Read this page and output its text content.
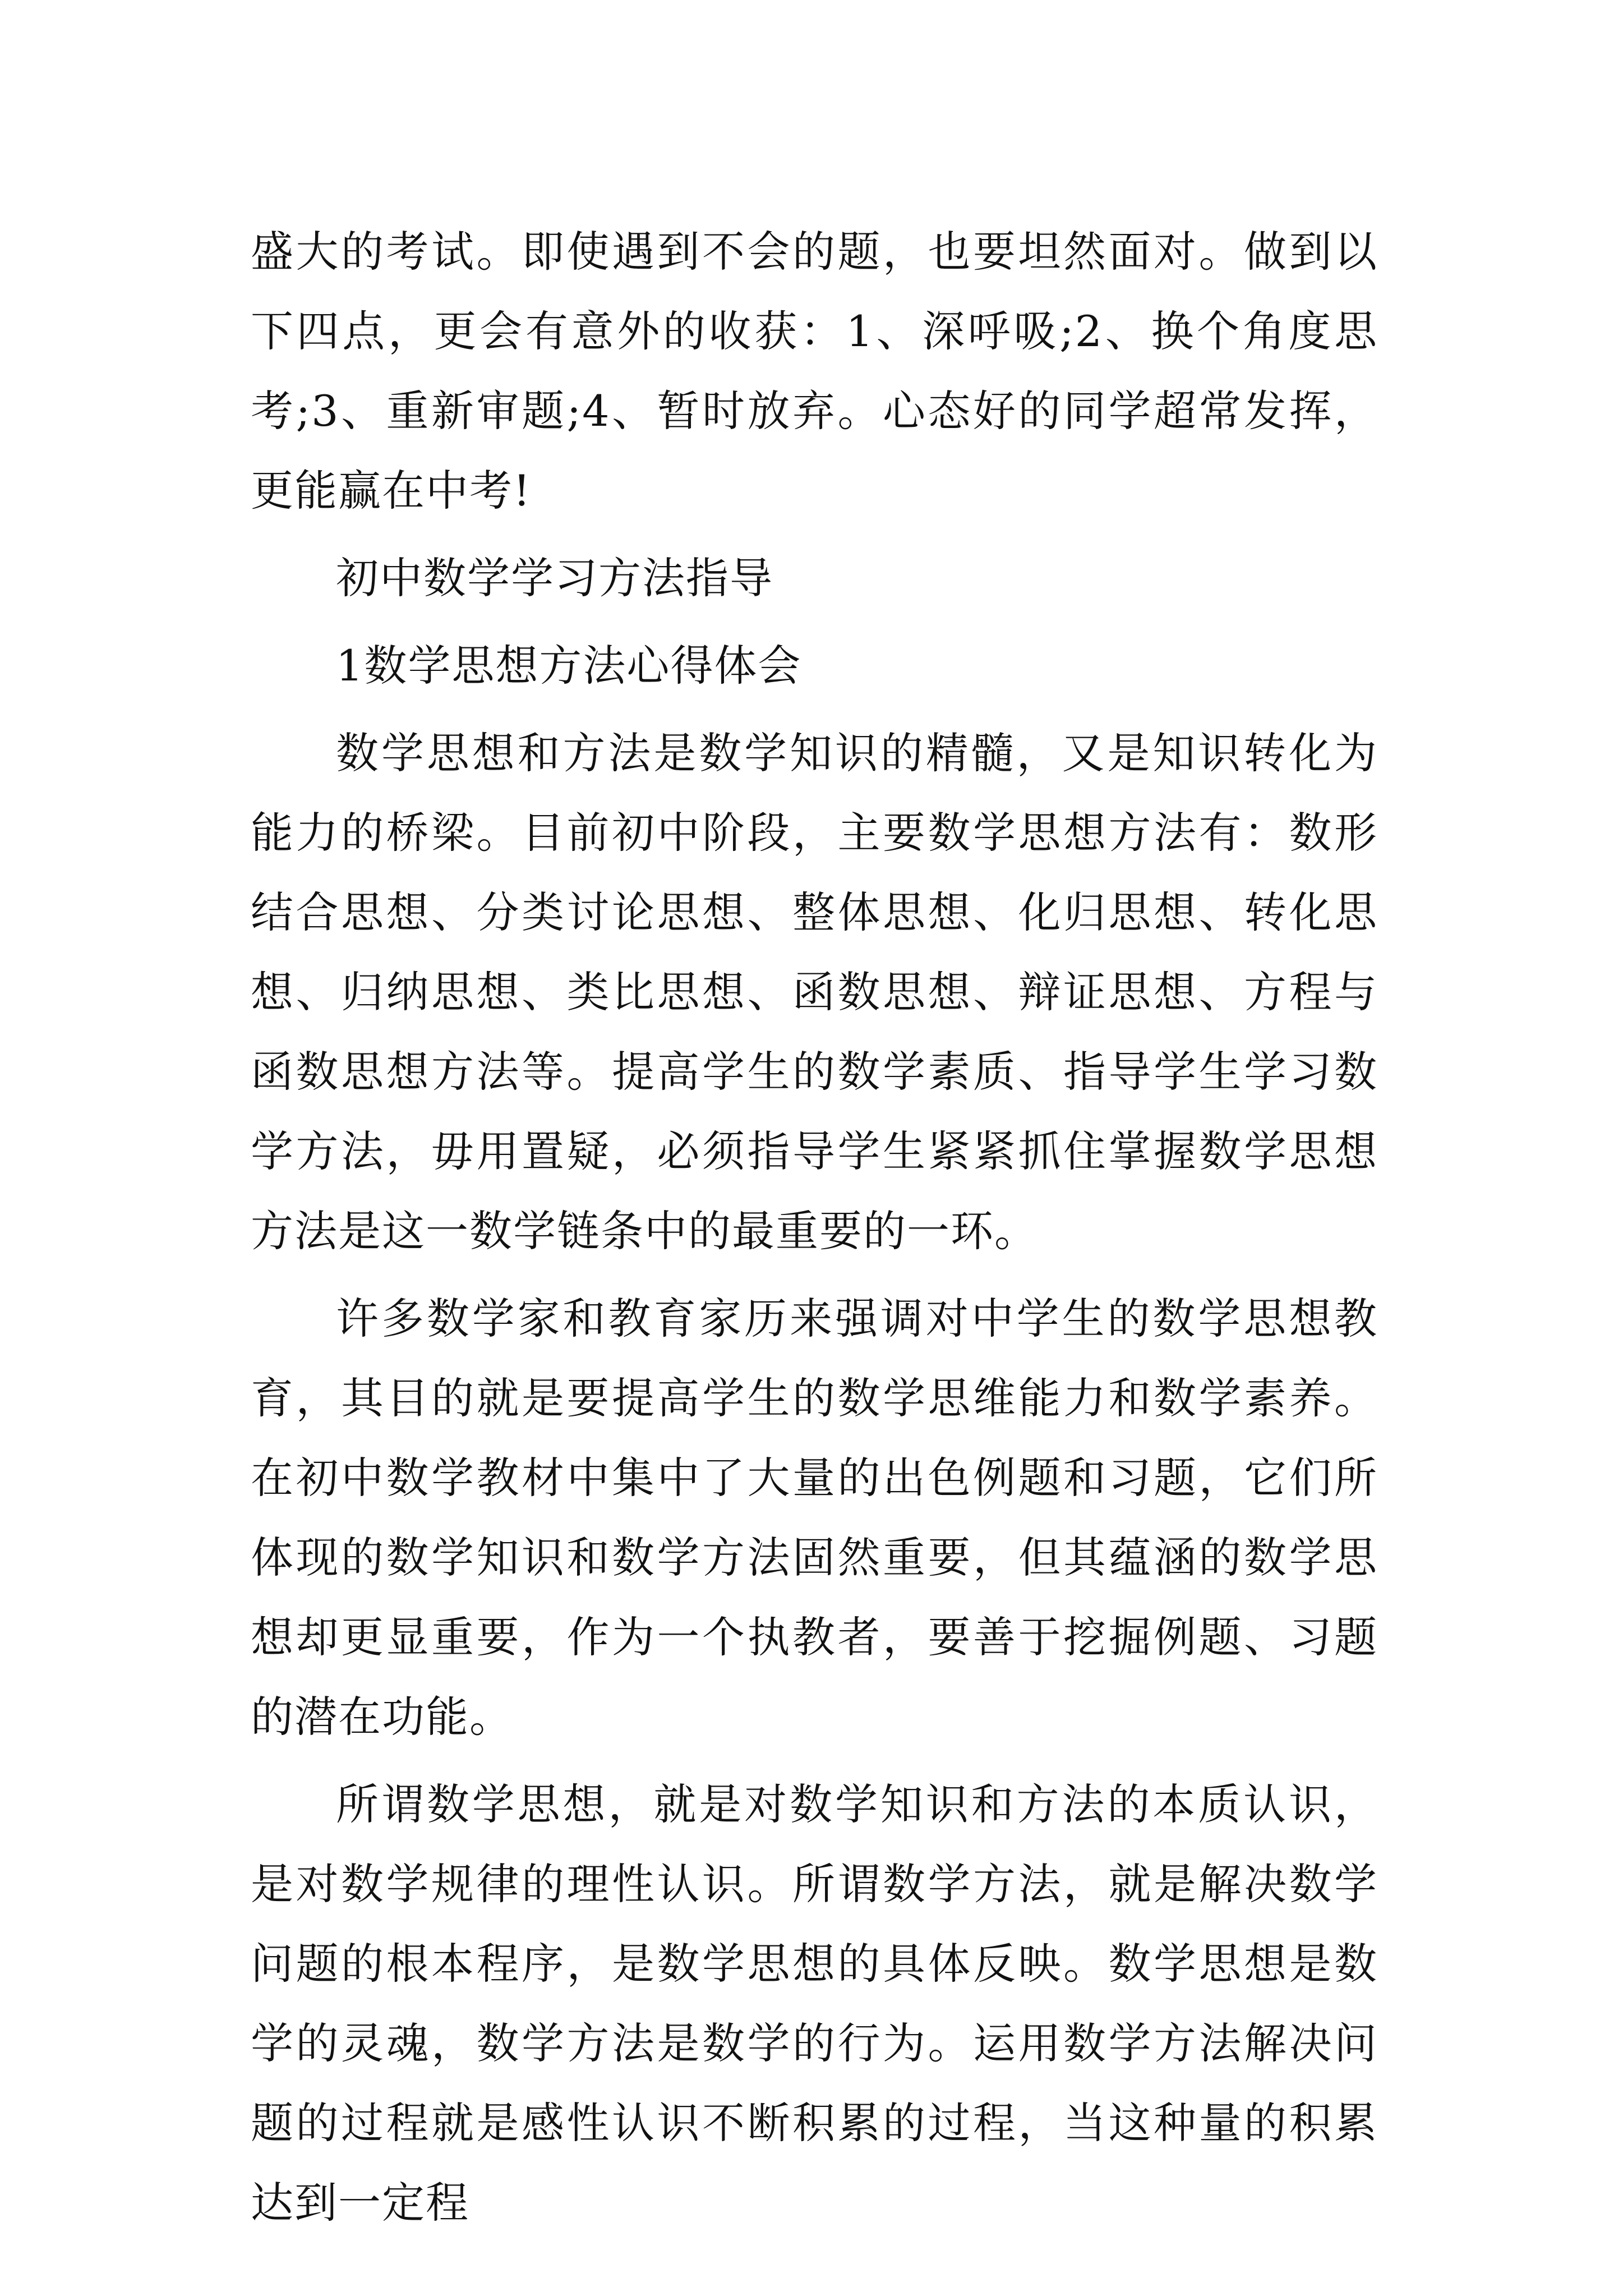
盛大的考试。即使遇到不会的题，也要坦然面对。做到以下四点，更会有意外的收获：1、深呼吸;2、换个角度思考;3、重新审题;4、暂时放弃。心态好的同学超常发挥，更能赢在中考!

初中数学学习方法指导

1数学思想方法心得体会

数学思想和方法是数学知识的精髓，又是知识转化为能力的桥梁。目前初中阶段，主要数学思想方法有：数形结合思想、分类讨论思想、整体思想、化归思想、转化思想、归纳思想、类比思想、函数思想、辩证思想、方程与函数思想方法等。提高学生的数学素质、指导学生学习数学方法，毋用置疑，必须指导学生紧紧抓住掌握数学思想方法是这一数学链条中的最重要的一环。

许多数学家和教育家历来强调对中学生的数学思想教育，其目的就是要提高学生的数学思维能力和数学素养。在初中数学教材中集中了大量的出色例题和习题，它们所体现的数学知识和数学方法固然重要，但其蕴涵的数学思想却更显重要，作为一个执教者，要善于挖掘例题、习题的潜在功能。

所谓数学思想，就是对数学知识和方法的本质认识，是对数学规律的理性认识。所谓数学方法，就是解决数学问题的根本程序，是数学思想的具体反映。数学思想是数学的灵魂，数学方法是数学的行为。运用数学方法解决问题的过程就是感性认识不断积累的过程，当这种量的积累达到一定程
